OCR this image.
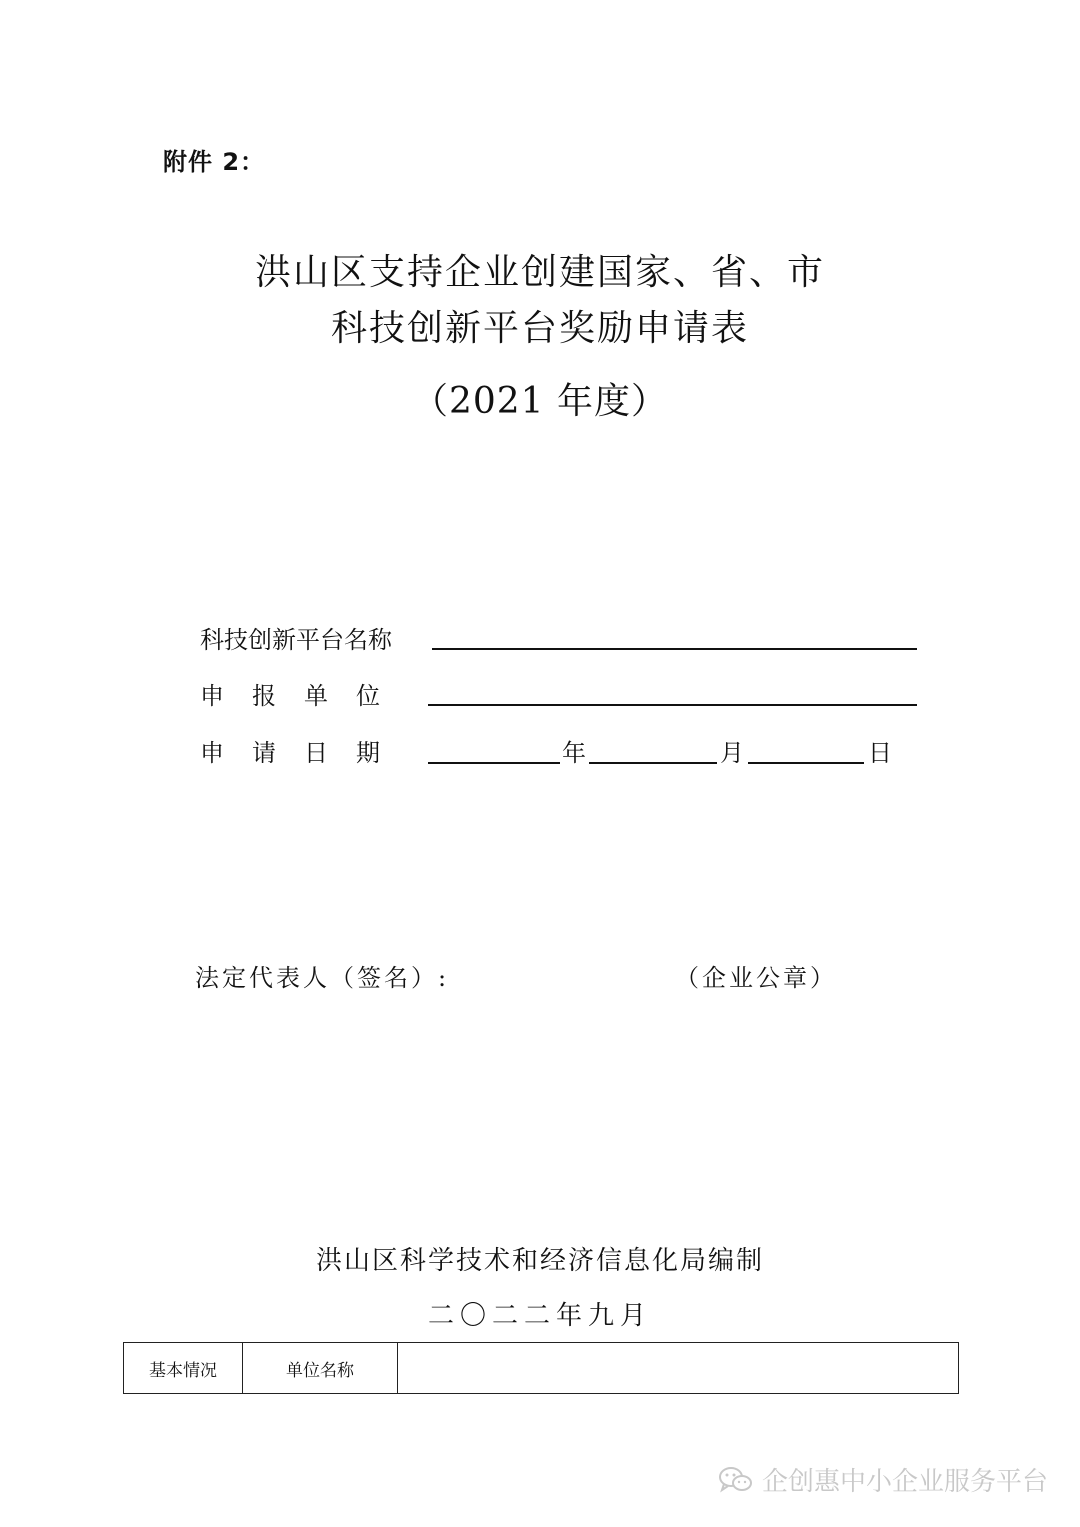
附件 2：
洪山区支持企业创建国家、省、市
科技创新平台奖励申请表
（2021 年度）
科技创新平台名称
申报单位
申请日期	年	月	日
法定代表人（签名）:	（企业公章）
洪山区科学技术和经济信息化局编制
二〇二二年九月
基本情况	单位名称	
企创惠中小企业服务平台
